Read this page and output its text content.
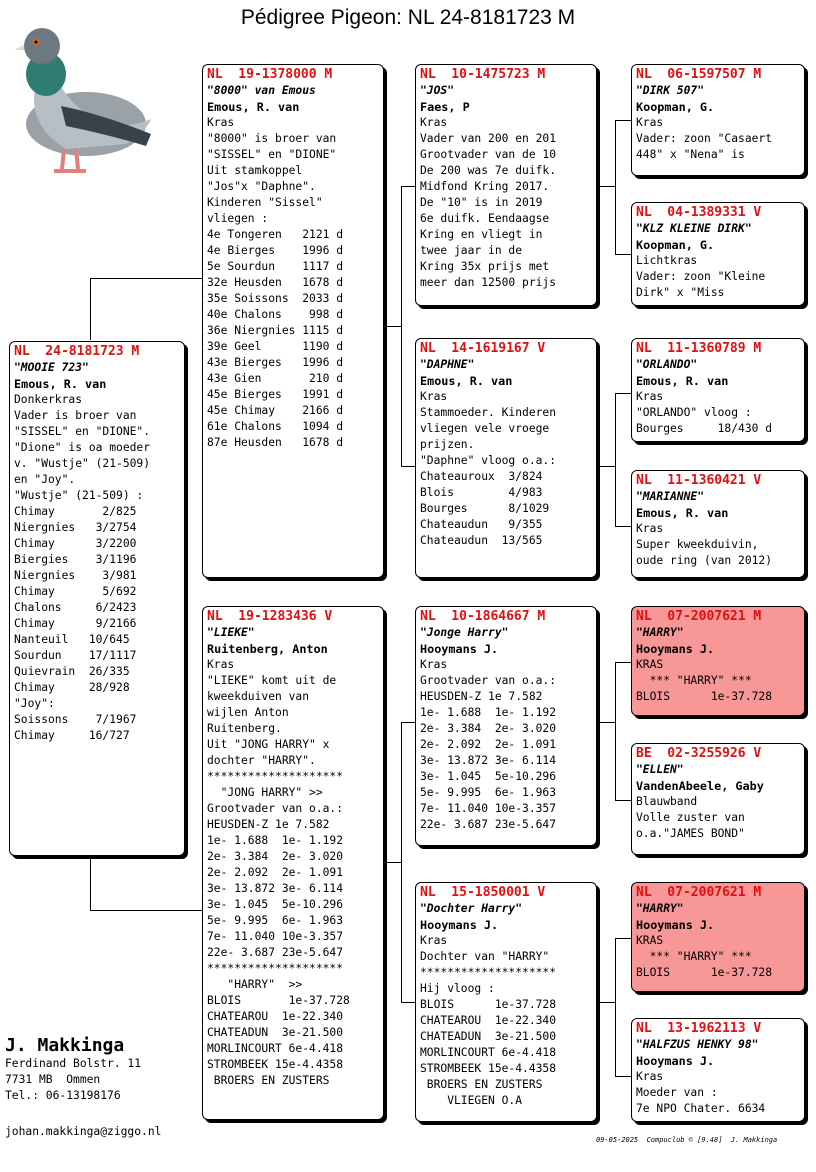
Pédigree Pigeon: NL 24-8181723 M
NL  24-8181723 M
"MOOIE 723"
Emous, R. van
Donkerkras
Vader is broer van
"SISSEL" en "DIONE".
"Dione" is oa moeder
v. "Wustje" (21-509)
en "Joy".
"Wustje" (21-509) :
Chimay       2/825
Niergnies   3/2754
Chimay      3/2200
Biergies    3/1196
Niergnies    3/981
Chimay       5/692
Chalons     6/2423
Chimay      9/2166
Nanteuil   10/645
Sourdun    17/1117
Quievrain  26/335
Chimay     28/928
"Joy":
Soissons    7/1967
Chimay     16/727
NL  19-1378000 M
"8000" van Emous
Emous, R. van
Kras
"8000" is broer van
"SISSEL" en "DIONE"
Uit stamkoppel
"Jos"x "Daphne".
Kinderen "Sissel"
vliegen :
4e Tongeren   2121 d
4e Bierges    1996 d
5e Sourdun    1117 d
32e Heusden   1678 d
35e Soissons  2033 d
40e Chalons    998 d
36e Niergnies 1115 d
39e Geel      1190 d
43e Bierges   1996 d
43e Gien       210 d
45e Bierges   1991 d
45e Chimay    2166 d
61e Chalons   1094 d
87e Heusden   1678 d
NL  19-1283436 V
"LIEKE"
Ruitenberg, Anton
Kras
"LIEKE" komt uit de
kweekduiven van
wijlen Anton
Ruitenberg.
Uit "JONG HARRY" x
dochter "HARRY".
********************
"JONG HARRY" >>
Grootvader van o.a.:
HEUSDEN-Z 1e 7.582
1e- 1.688  1e- 1.192
2e- 3.384  2e- 3.020
2e- 2.092  2e- 1.091
3e- 13.872 3e- 6.114
3e- 1.045  5e-10.296
5e- 9.995  6e- 1.963
7e- 11.040 10e-3.357
22e- 3.687 23e-5.647
********************
"HARRY"  >>
BLOIS       1e-37.728
CHATEAROU  1e-22.340
CHATEADUN  3e-21.500
MORLINCOURT 6e-4.418
STROMBEEK 15e-4.4358
BROERS EN ZUSTERS
NL  10-1475723 M
"JOS"
Faes, P
Kras
Vader van 200 en 201
Grootvader van de 10
De 200 was 7e duifk.
Midfond Kring 2017.
De "10" is in 2019
6e duifk. Eendaagse
Kring en vliegt in
twee jaar in de
Kring 35x prijs met
meer dan 12500 prijs
NL  14-1619167 V
"DAPHNE"
Emous, R. van
Kras
Stammoeder. Kinderen
vliegen vele vroege
prijzen.
"Daphne" vloog o.a.:
Chateauroux  3/824
Blois        4/983
Bourges      8/1029
Chateaudun   9/355
Chateaudun  13/565
NL  10-1864667 M
"Jonge Harry"
Hooymans J.
Kras
Grootvader van o.a.:
HEUSDEN-Z 1e 7.582
1e- 1.688  1e- 1.192
2e- 3.384  2e- 3.020
2e- 2.092  2e- 1.091
3e- 13.872 3e- 6.114
3e- 1.045  5e-10.296
5e- 9.995  6e- 1.963
7e- 11.040 10e-3.357
22e- 3.687 23e-5.647
NL  15-1850001 V
"Dochter Harry"
Hooymans J.
Kras
Dochter van "HARRY"
********************
Hij vloog :
BLOIS      1e-37.728
CHATEAROU  1e-22.340
CHATEADUN  3e-21.500
MORLINCOURT 6e-4.418
STROMBEEK 15e-4.4358
BROERS EN ZUSTERS
VLIEGEN O.A
NL  06-1597507 M
"DIRK 507"
Koopman, G.
Kras
Vader: zoon "Casaert
448" x "Nena" is
NL  04-1389331 V
"KLZ KLEINE DIRK"
Koopman, G.
Lichtkras
Vader: zoon "Kleine
Dirk" x "Miss
NL  11-1360789 M
"ORLANDO"
Emous, R. van
Kras
"ORLANDO" vloog :
Bourges     18/430 d
NL  11-1360421 V
"MARIANNE"
Emous, R. van
Kras
Super kweekduivin,
oude ring (van 2012)
NL  07-2007621 M
"HARRY"
Hooymans J.
KRAS
*** "HARRY" ***
BLOIS      1e-37.728
BE  02-3255926 V
"ELLEN"
VandenAbeele, Gaby
Blauwband
Volle zuster van
o.a."JAMES BOND"
NL  07-2007621 M
"HARRY"
Hooymans J.
KRAS
*** "HARRY" ***
BLOIS      1e-37.728
NL  13-1962113 V
"HALFZUS HENKY 98"
Hooymans J.
Kras
Moeder van :
7e NPO Chater. 6634
J. Makkinga
Ferdinand Bolstr. 11
7731 MB  Ommen
Tel.: 06-13198176
johan.makkinga@ziggo.nl
09-05-2025  Compuclub © [9.48]  J. Makkinga
